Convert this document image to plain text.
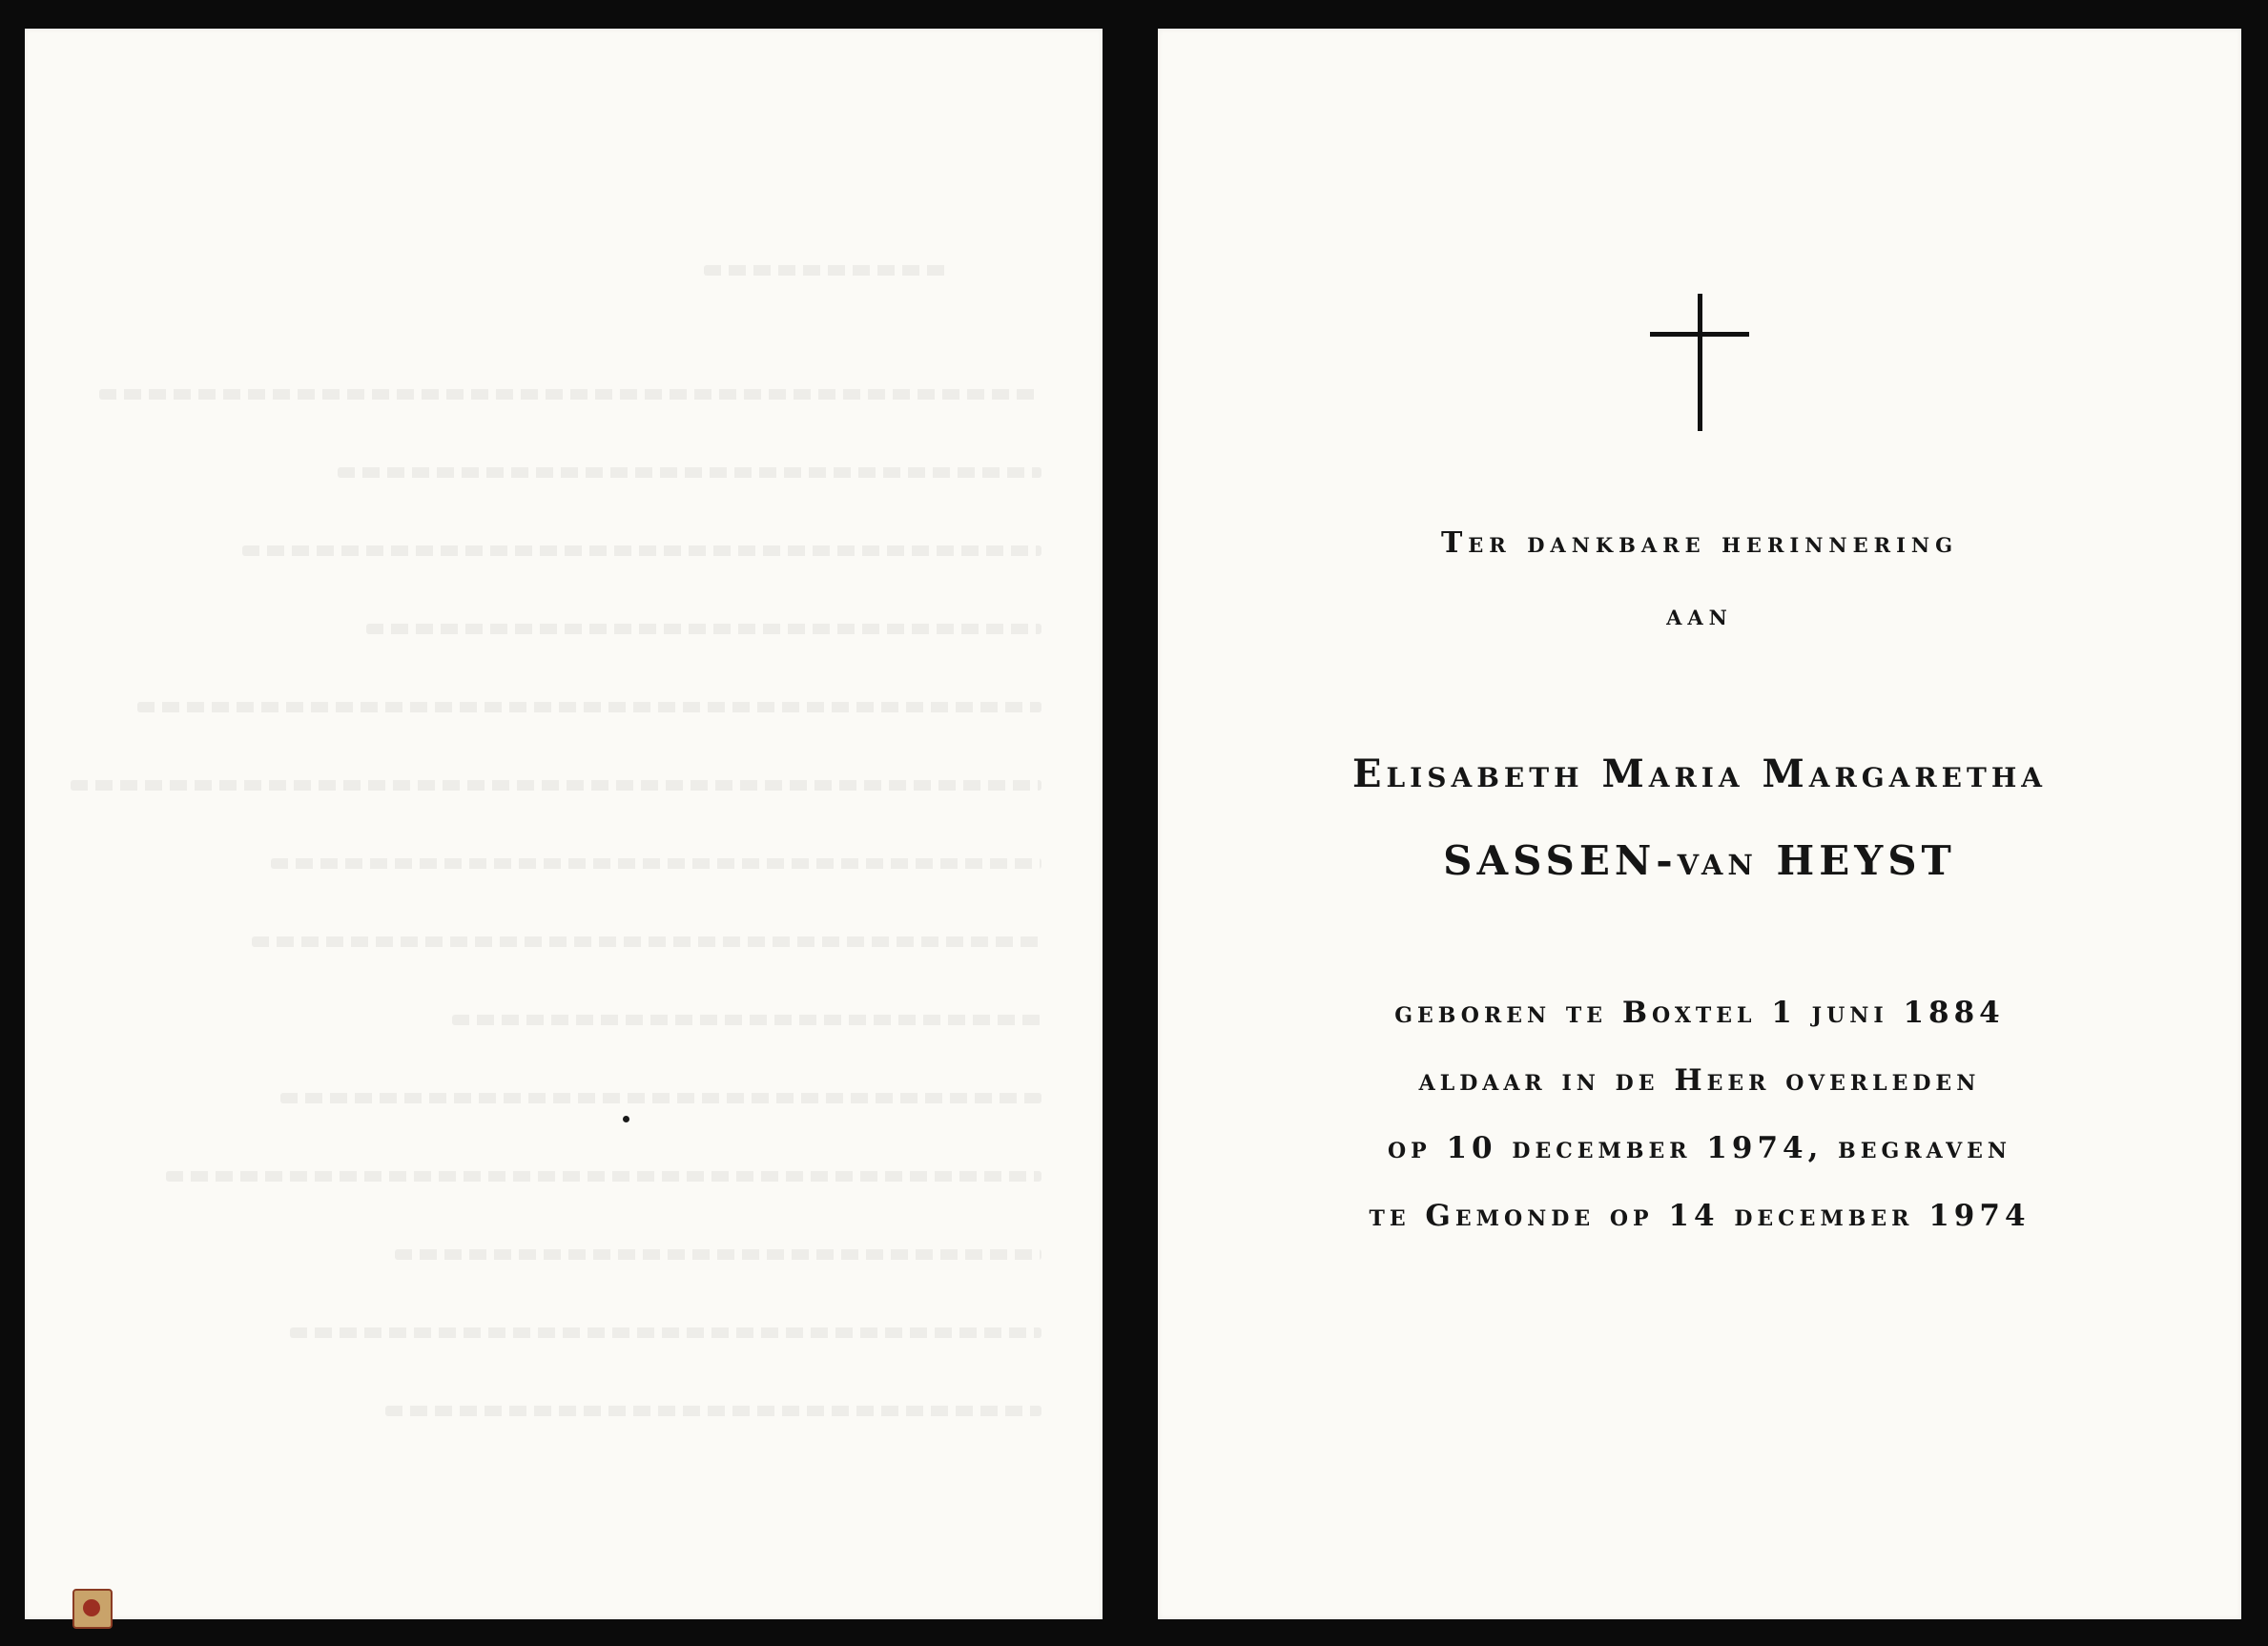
Ter dankbare herinnering
aan
Elisabeth Maria Margaretha
SASSEN-van HEYST
geboren te Boxtel 1 juni 1884
aldaar in de Heer overleden
op 10 december 1974, begraven
te Gemonde op 14 december 1974
